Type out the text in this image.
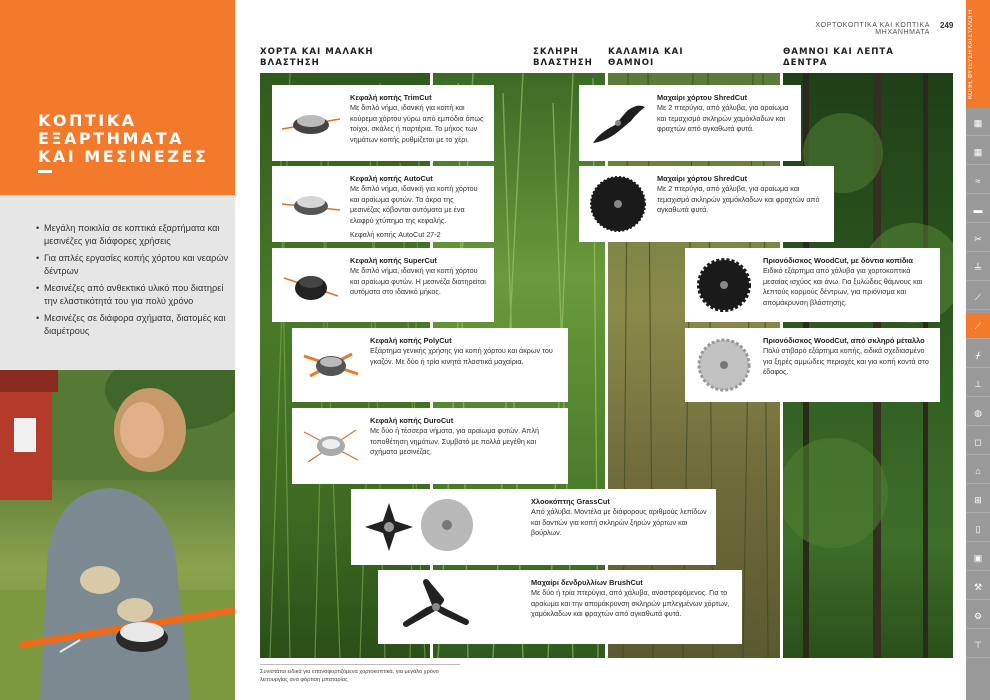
ΚΟΠΤΙΚΑ ΕΞΑΡΤΗΜΑΤΑ ΚΑΙ ΜΕΣΙΝΕΖΕΣ
• Μεγάλη ποικιλία σε κοπτικά εξαρτήματα και μεσινέζες για διάφορες χρήσεις
• Για απλές εργασίες κοπής χόρτου και νεαρών δέντρων
• Μεσινέζες από ανθεκτικό υλικό που διατηρεί την ελαστικότητά του για πολύ χρόνο
• Μεσινέζες σε διάφορα σχήματα, διατομές και διαμέτρους
ΧΟΡΤΟΚΟΠΤΙΚΑ ΚΑΙ ΚΟΠΤΙΚΑ ΜΗΧΑΝΗΜΑΤΑ
249	ΚΟΠΗ, ΦΥΤΕΥΣΗ ΚΑΙ ΣΥΛΛΟΓΗ
▦
▦
≈
▬
✂
╧
⟋
⟋
ᚋ
⊥
◍
◻
⌂
⊞
▯
▣
⚒
⚙
⊤
ΧΟΡΤΑ ΚΑΙ ΜΑΛΑΚΗ ΒΛΑΣΤΗΣΗ
ΣΚΛΗΡΗ ΒΛΑΣΤΗΣΗ
ΚΑΛΑΜΙΑ ΚΑΙ ΘΑΜΝΟΙ
ΘΑΜΝΟΙ ΚΑΙ ΛΕΠΤΑ ΔΕΝΤΡΑ
Κεφαλή κοπής TrimCut
Με διπλό νήμα, ιδανική για κοπή και κούρεμα χόρτου γύρω από εμπόδια όπως τοίχοι, σκάλες ή παρτέρια. Το μήκος των νημάτων κοπής ρυθμίζεται με το χέρι.
Κεφαλή κοπής AutoCut
Με διπλό νήμα, ιδανική για κοπή χόρτου και αραίωμα φυτών. Τα άκρα της μεσινέζας κόβονται αυτόματα με ένα ελαφρύ χτύπημα της κεφαλής.
Κεφαλή κοπής AutoCut 27-2
Κεφαλή κοπής SuperCut
Με διπλό νήμα, ιδανική για κοπή χόρτου και αραίωμα φυτών. Η μεσινέζα διατηρείται αυτόματα στο ιδανικό μήκος.
Κεφαλή κοπής PolyCut
Εξάρτημα γενικής χρήσης για κοπή χόρτου και άκρων του γκαζόν. Με δύο ή τρία κινητά πλαστικά μαχαίρια.
Κεφαλή κοπής DuroCut
Με δύο ή τέσσερα νήματα, για αραίωμα φυτών. Απλή τοποθέτηση νημάτων. Συμβατό με πολλά μεγέθη και σχήματα μεσινέζας.
Χλοοκόπτης GrassCut
Από χάλυβα. Μοντέλα με διάφορους αριθμούς λεπίδων και δοντιών για κοπή σκληρών ξηρών χόρτων και βούρλων.
Μαχαίρι δενδρυλλίων BrushCut
Με δύο ή τρία πτερύγια, από χάλυβα, αναστρεφόμενος. Για το αραίωμα και την απομάκρυνση σκληρών μπλεγμένων χόρτων, χαμόκλαδων και φραχτών από αγκαθωτά φυτά.
Μαχαίρι χόρτου ShredCut
Με 2 πτερύγια, από χάλυβα, για αραίωμα και τεμαχισμό σκληρών χαμόκλαδων και φραχτών από αγκαθωτά φυτά.
Μαχαίρι χόρτου ShredCut
Με 2 πτερύγια, από χάλυβα, για αραίωμα και τεμαχισμό σκληρών χαμόκλαδων και φραχτών από αγκαθωτά φυτά.
Πριονόδισκος WoodCut, με δόντια κοπίδια
Ειδικό εξάρτημα από χάλυβα για χορτοκοπτικά μεσαίας ισχύος και άνω. Για ξυλώδεις θάμνους και λεπτούς κορμούς δέντρων, για πριόνισμα και απομάκρυνση βλάστησης.
Πριονόδισκος WoodCut, από σκληρό μέταλλο
Πολύ στιβαρό εξάρτημα κοπής, ειδικά σχεδιασμένο για ξηρές αμμώδεις περιοχές και για κοπή κοντά στο έδαφος.
Συνιστάται ειδικά για επαναφορτιζόμενα χορτοκοπτικά, για μεγάλο χρόνο λειτουργίας ανά φόρτιση μπαταρίας
